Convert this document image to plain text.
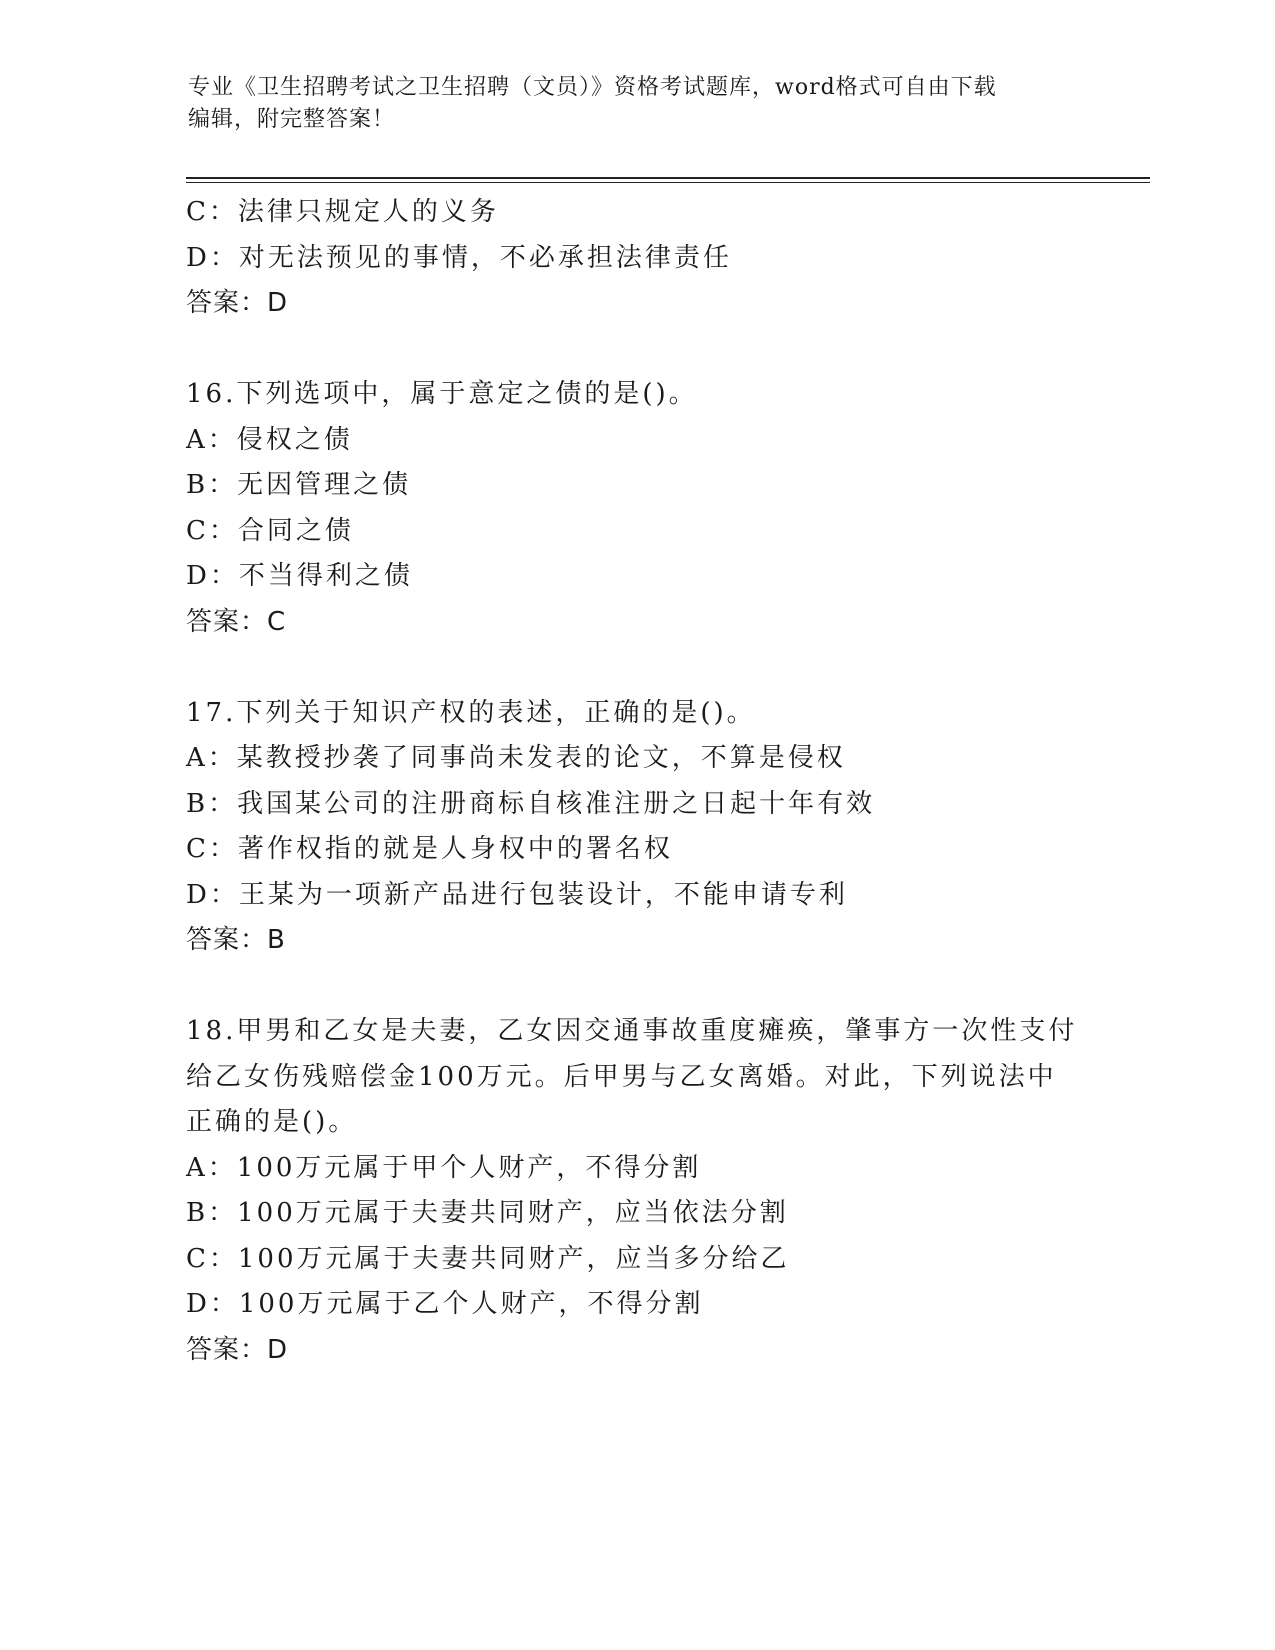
专业《卫生招聘考试之卫生招聘（文员）》资格考试题库，word格式可自由下载
编辑，附完整答案！
C：法律只规定人的义务
D：对无法预见的事情，不必承担法律责任
答案：D
16.下列选项中，属于意定之债的是()。
A：侵权之债
B：无因管理之债
C：合同之债
D：不当得利之债
答案：C
17.下列关于知识产权的表述，正确的是()。
A：某教授抄袭了同事尚未发表的论文，不算是侵权
B：我国某公司的注册商标自核准注册之日起十年有效
C：著作权指的就是人身权中的署名权
D：王某为一项新产品进行包装设计，不能申请专利
答案：B
18.甲男和乙女是夫妻，乙女因交通事故重度瘫痪，肇事方一次性支付
给乙女伤残赔偿金100万元。后甲男与乙女离婚。对此，下列说法中
正确的是()。
A：100万元属于甲个人财产，不得分割
B：100万元属于夫妻共同财产，应当依法分割
C：100万元属于夫妻共同财产，应当多分给乙
D：100万元属于乙个人财产，不得分割
答案：D
